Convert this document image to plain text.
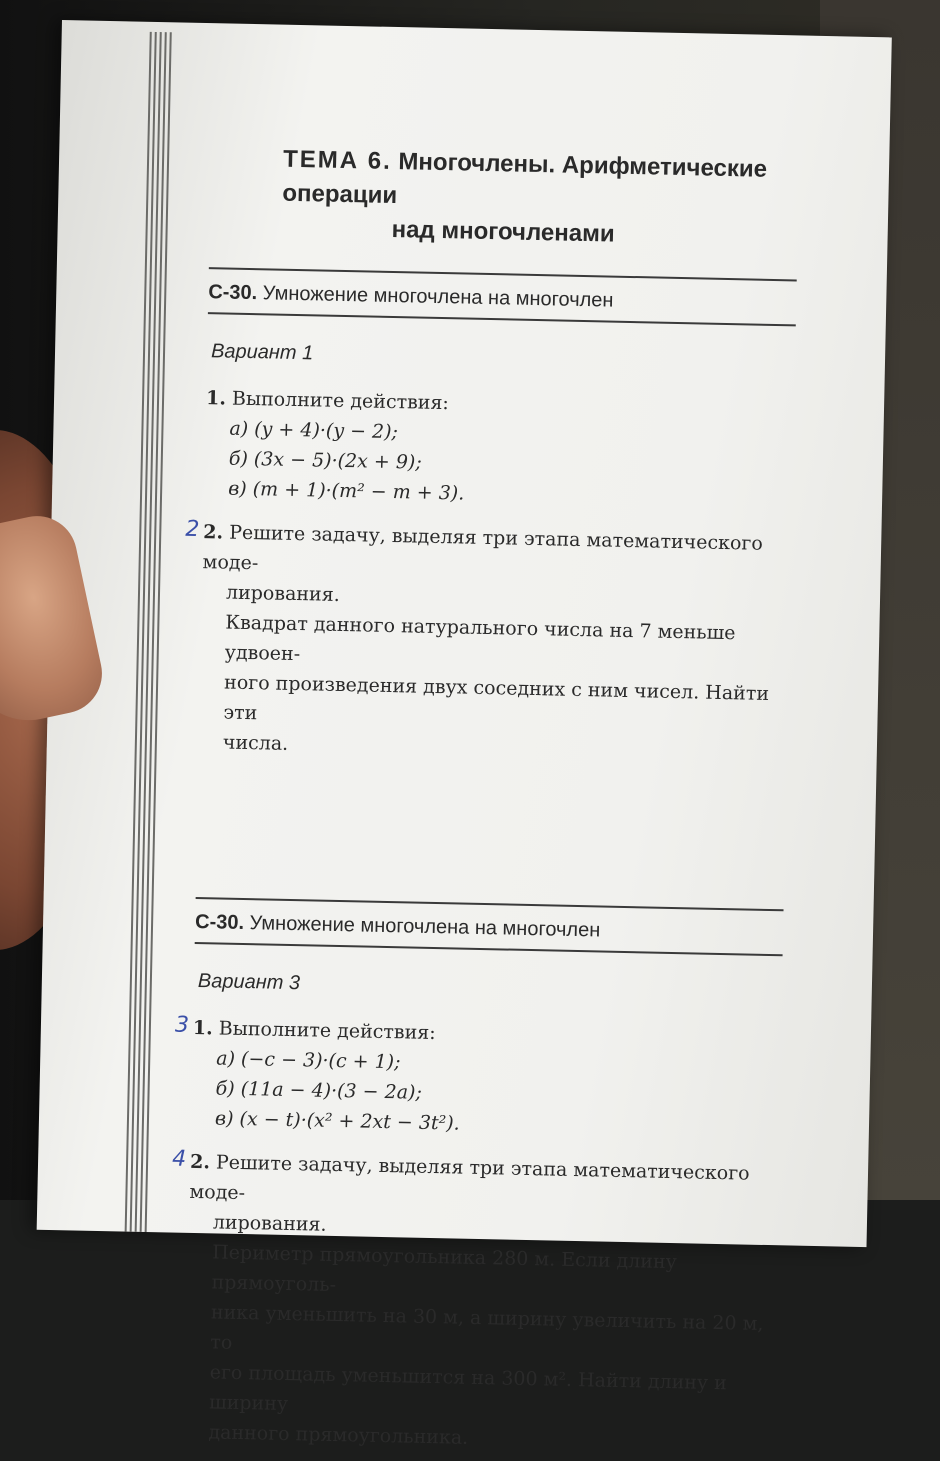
ТЕМА 6. Многочлены. Арифметические операции
над многочленами
С-30. Умножение многочлена на многочлен
Вариант 1
1. Выполните действия:
а) (y + 4)·(y − 2);
б) (3x − 5)·(2x + 9);
в) (m + 1)·(m² − m + 3).
2 2. Решите задачу, выделяя три этапа математического моде-
лирования.
Квадрат данного натурального числа на 7 меньше удвоен-
ного произведения двух соседних с ним чисел. Найти эти
числа.
С-30. Умножение многочлена на многочлен
Вариант 3
3 1. Выполните действия:
а) (−c − 3)·(c + 1);
б) (11a − 4)·(3 − 2a);
в) (x − t)·(x² + 2xt − 3t²).
4 2. Решите задачу, выделяя три этапа математического моде-
лирования.
Периметр прямоугольника 280 м. Если длину прямоуголь-
ника уменьшить на 30 м, а ширину увеличить на 20 м, то
его площадь уменьшится на 300 м². Найти длину и ширину
данного прямоугольника.
